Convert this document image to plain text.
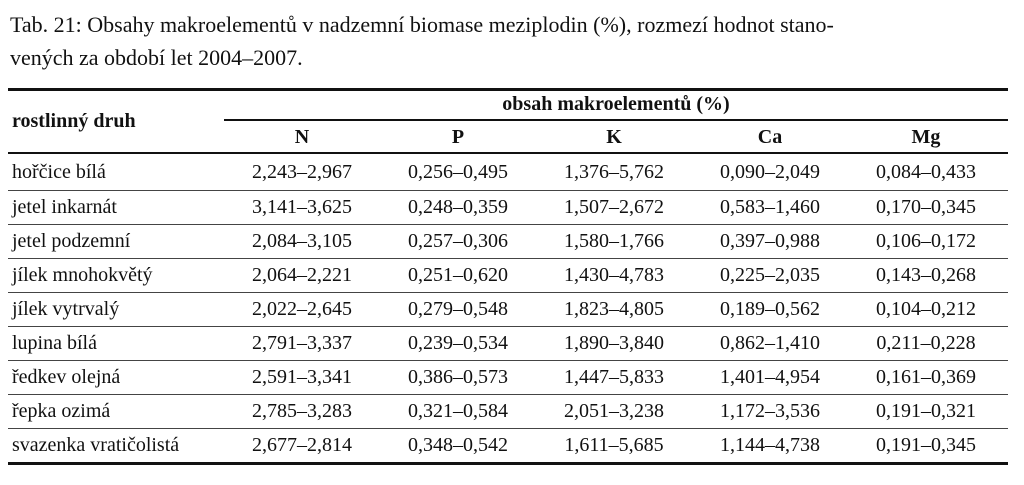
Tab. 21: Obsahy makroelementů v nadzemní biomase meziplodin (%), rozmezí hodnot stano-
vených za období let 2004–2007.
rostlinný druh
obsah makroelementů (%)
N	P	K	Ca	Mg
hořčice bílá	2,243–2,967	0,256–0,495	1,376–5,762	0,090–2,049	0,084–0,433
jetel inkarnát	3,141–3,625	0,248–0,359	1,507–2,672	0,583–1,460	0,170–0,345
jetel podzemní	2,084–3,105	0,257–0,306	1,580–1,766	0,397–0,988	0,106–0,172
jílek mnohokvětý	2,064–2,221	0,251–0,620	1,430–4,783	0,225–2,035	0,143–0,268
jílek vytrvalý	2,022–2,645	0,279–0,548	1,823–4,805	0,189–0,562	0,104–0,212
lupina bílá	2,791–3,337	0,239–0,534	1,890–3,840	0,862–1,410	0,211–0,228
ředkev olejná	2,591–3,341	0,386–0,573	1,447–5,833	1,401–4,954	0,161–0,369
řepka ozimá	2,785–3,283	0,321–0,584	2,051–3,238	1,172–3,536	0,191–0,321
svazenka vratičolistá	2,677–2,814	0,348–0,542	1,611–5,685	1,144–4,738	0,191–0,345
